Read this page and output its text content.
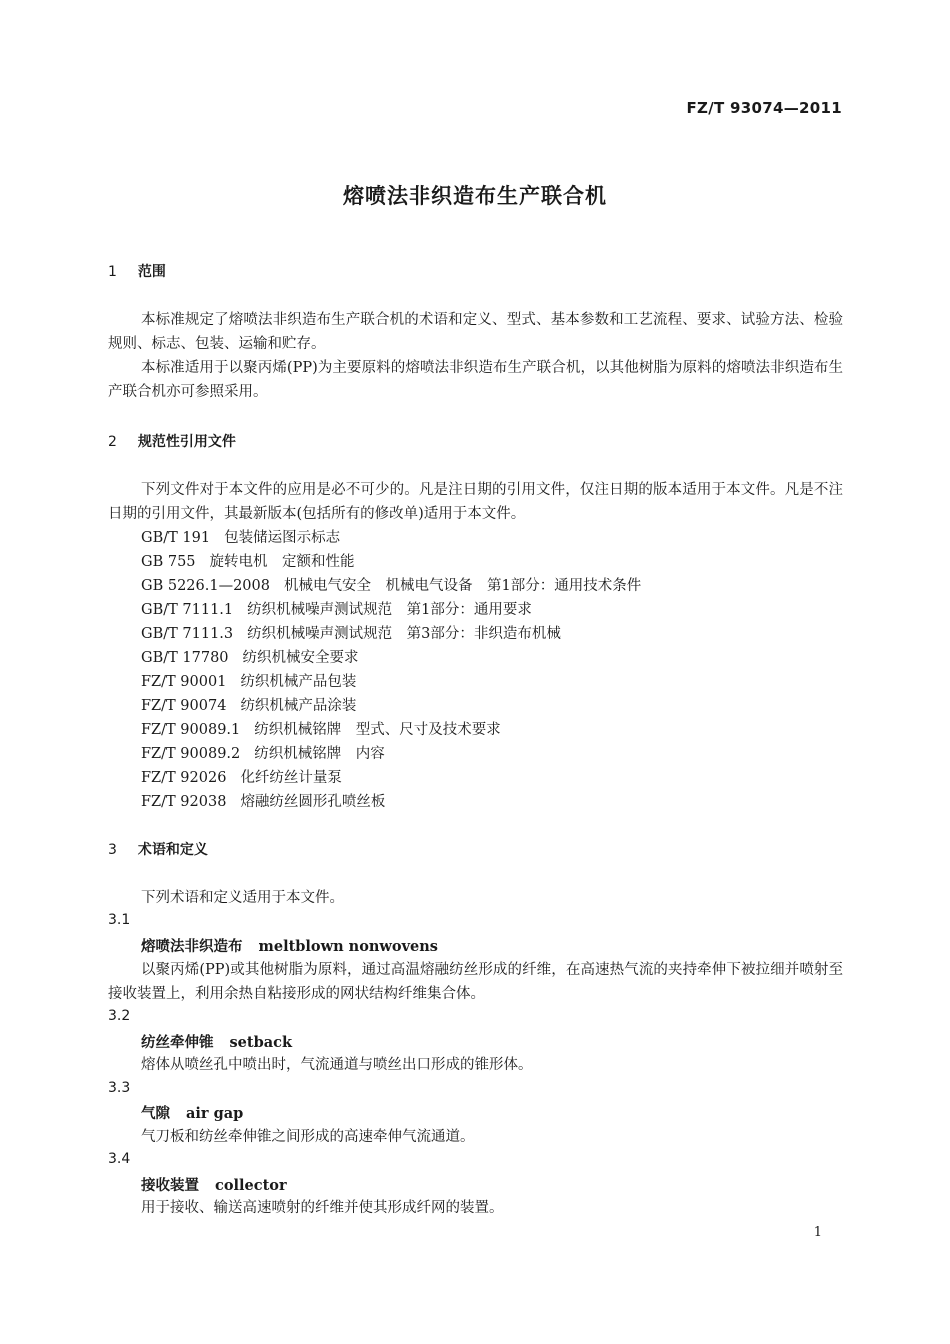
FZ/T 93074—2011
熔喷法非织造布生产联合机
1 范围

本标准规定了熔喷法非织造布生产联合机的术语和定义、型式、基本参数和工艺流程、要求、试验方法、检验规则、标志、包装、运输和贮存。

本标准适用于以聚丙烯(PP)为主要原料的熔喷法非织造布生产联合机，以其他树脂为原料的熔喷法非织造布生产联合机亦可参照采用。

2 规范性引用文件

下列文件对于本文件的应用是必不可少的。凡是注日期的引用文件，仅注日期的版本适用于本文件。凡是不注日期的引用文件，其最新版本(包括所有的修改单)适用于本文件。

GB/T 191 包装储运图示标志
GB 755 旋转电机　定额和性能
GB 5226.1—2008 机械电气安全　机械电气设备　第1部分：通用技术条件
GB/T 7111.1 纺织机械噪声测试规范　第1部分：通用要求
GB/T 7111.3 纺织机械噪声测试规范　第3部分：非织造布机械
GB/T 17780 纺织机械安全要求
FZ/T 90001 纺织机械产品包装
FZ/T 90074 纺织机械产品涂装
FZ/T 90089.1 纺织机械铭牌　型式、尺寸及技术要求
FZ/T 90089.2 纺织机械铭牌　内容
FZ/T 92026 化纤纺丝计量泵
FZ/T 92038 熔融纺丝圆形孔喷丝板
3 术语和定义

下列术语和定义适用于本文件。

3.1
熔喷法非织造布 meltblown nonwovens

以聚丙烯(PP)或其他树脂为原料，通过高温熔融纺丝形成的纤维，在高速热气流的夹持牵伸下被拉细并喷射至接收装置上，利用余热自粘接形成的网状结构纤维集合体。

3.2
纺丝牵伸锥 setback

熔体从喷丝孔中喷出时，气流通道与喷丝出口形成的锥形体。

3.3
气隙 air gap

气刀板和纺丝牵伸锥之间形成的高速牵伸气流通道。

3.4
接收装置 collector

用于接收、输送高速喷射的纤维并使其形成纤网的装置。

1
